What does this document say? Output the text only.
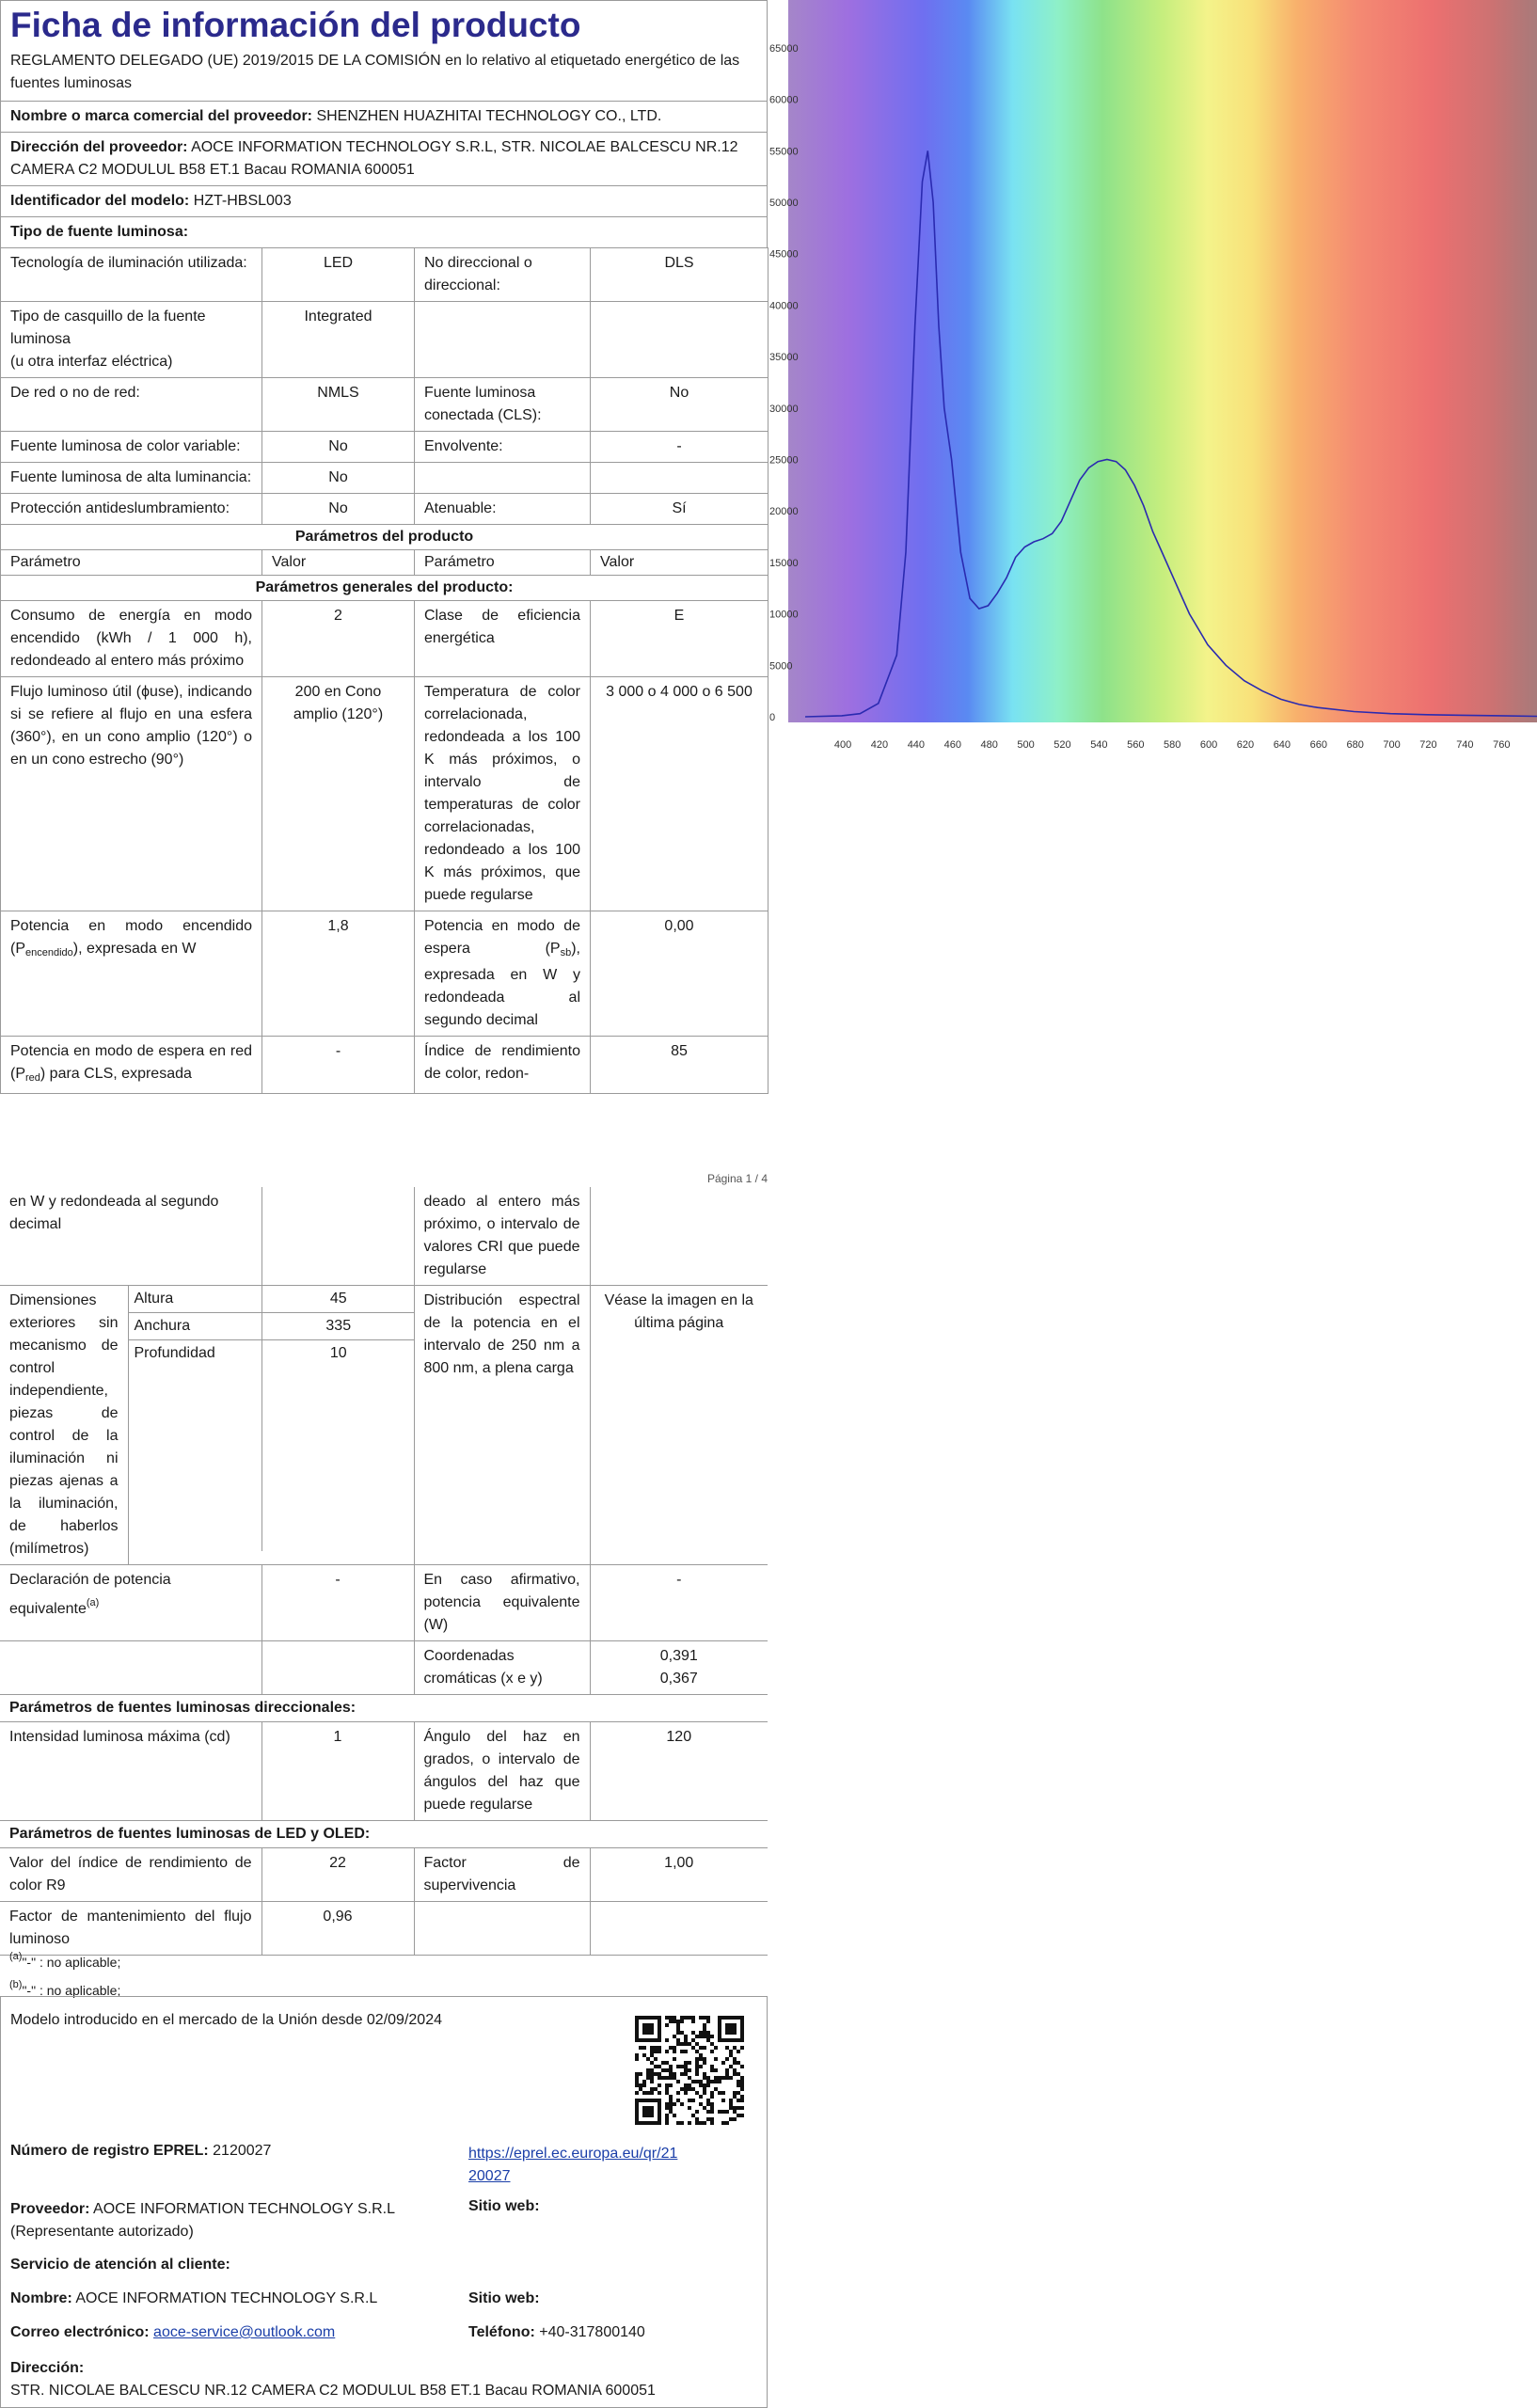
Ficha de información del producto
REGLAMENTO DELEGADO (UE) 2019/2015 DE LA COMISIÓN en lo relativo al etiquetado energético de las fuentes luminosas
Nombre o marca comercial del proveedor: SHENZHEN HUAZHITAI TECHNOLOGY CO., LTD.
Dirección del proveedor: AOCE INFORMATION TECHNOLOGY S.R.L, STR. NICOLAE BALCESCU NR.12 CAMERA C2 MODULUL B58 ET.1 Bacau ROMANIA 600051
Identificador del modelo: HZT-HBSL003
Tipo de fuente luminosa:
Tecnología de iluminación utilizada:	LED	No direccional o direccional:	DLS
Tipo de casquillo de la fuente luminosa
(u otra interfaz eléctrica)	Integrated		
De red o no de red:	NMLS	Fuente luminosa conectada (CLS):	No
Fuente luminosa de color variable:	No	Envolvente:	-
Fuente luminosa de alta luminancia:	No		
Protección antideslumbramiento:	No	Atenuable:	Sí
Parámetros del producto			
Parámetro	Valor	Parámetro	Valor
Parámetros generales del producto:			
Consumo de energía en modo encendido (kWh / 1 000 h), redondeado al entero más próximo	2	Clase de eficiencia energética	E
Flujo luminoso útil (ϕuse), indicando si se refiere al flujo en una esfera (360°), en un cono amplio (120°) o en un cono estrecho (90°)	200 en Cono amplio (120°)	Temperatura de color correlacionada, redondeada a los 100 K más próximos, o intervalo de temperaturas de color correlacionadas, redondeado a los 100 K más próximos, que puede regularse	3 000 o 4 000 o 6 500
Potencia en modo encendido $(P_{encendido})$, expresada en W	1,8	Potencia en modo de espera $(P_{sb})$, expresada en W y redondeada al segundo decimal	0,00
Potencia en modo de espera en red $(P_{red})$ para CLS, expresada	-	Índice de rendimiento de color, redon-	85
Página 1 / 4
en W y redondeada al segundo decimal		deado al entero más próximo, o intervalo de valores CRI que puede regularse	
Dimensiones exteriores sin mecanismo de control independiente, piezas de control de la iluminación ni piezas ajenas a la iluminación, de haberlos (milímetros)	
Altura	45
Anchura	335
Profundidad	10
	Distribución espectral de la potencia en el intervalo de 250 nm a 800 nm, a plena carga	Véase la imagen en la última página
Declaración de potencia equivalente$^{(a)}$	-	En caso afirmativo, potencia equivalente (W)	-
		Coordenadas cromáticas (x e y)	0,391
0,367
Parámetros de fuentes luminosas direccionales:
Intensidad luminosa máxima (cd)	1	Ángulo del haz en grados, o intervalo de ángulos del haz que puede regularse	120
Parámetros de fuentes luminosas de LED y OLED:
Valor del índice de rendimiento de color R9	22	Factor de supervivencia	1,00
Factor de mantenimiento del flujo luminoso	0,96		
$^{(a)}$"-" : no aplicable;
$^{(b)}$"-" : no aplicable;
Modelo introducido en el mercado de la Unión desde 02/09/2024
Número de registro EPREL: 2120027	https://eprel.ec.europa.eu/qr/21
20027
Proveedor: AOCE INFORMATION TECHNOLOGY S.R.L (Representante autorizado)
Sitio web:
Servicio de atención al cliente:
Nombre: AOCE INFORMATION TECHNOLOGY S.R.L	Sitio web:
Correo electrónico: aoce-service@outlook.com	Teléfono: +40-317800140
Dirección:
STR. NICOLAE BALCESCU NR.12 CAMERA C2 MODULUL B58 ET.1 Bacau ROMANIA 600051
0
5000
10000
15000
20000
25000
30000
35000
40000
45000
50000
55000
60000
65000
400 420 440 460 480 500 520 540 560 580 600 620 640 660 680 700 720 740 760
